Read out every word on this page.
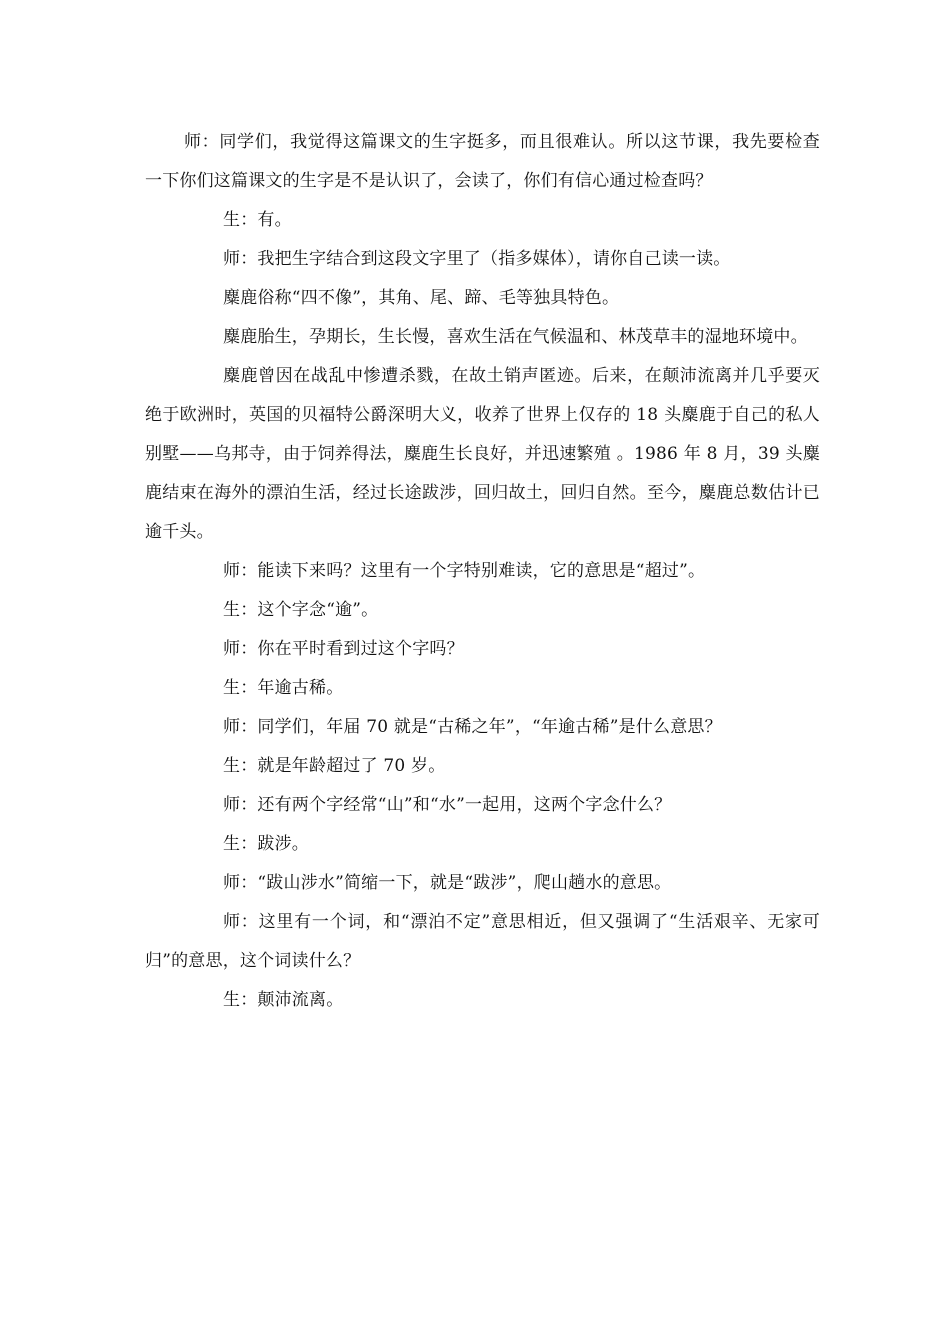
师：同学们，我觉得这篇课文的生字挺多，而且很难认。所以这节课，我先要检查一下你们这篇课文的生字是不是认识了，会读了，你们有信心通过检查吗？

生：有。

师：我把生字结合到这段文字里了（指多媒体），请你自己读一读。

麋鹿俗称“四不像”，其角、尾、蹄、毛等独具特色。

麋鹿胎生，孕期长，生长慢，喜欢生活在气候温和、林茂草丰的湿地环境中。

麋鹿曾因在战乱中惨遭杀戮，在故土销声匿迹。后来，在颠沛流离并几乎要灭绝于欧洲时，英国的贝福特公爵深明大义，收养了世界上仅存的 18 头麋鹿于自己的私人别墅——乌邦寺，由于饲养得法，麋鹿生长良好，并迅速繁殖 。1986 年 8 月，39 头麋鹿结束在海外的漂泊生活，经过长途跋涉，回归故土，回归自然。至今，麋鹿总数估计已逾千头。

师：能读下来吗？这里有一个字特别难读，它的意思是“超过”。

生：这个字念“逾”。

师：你在平时看到过这个字吗？

生：年逾古稀。

师：同学们，年届 70 就是“古稀之年”，“年逾古稀”是什么意思？

生：就是年龄超过了 70 岁。

师：还有两个字经常“山”和“水”一起用，这两个字念什么？

生：跋涉。

师：“跋山涉水”简缩一下，就是“跋涉”，爬山趟水的意思。

师：这里有一个词，和“漂泊不定”意思相近，但又强调了“生活艰辛、无家可归”的意思，这个词读什么？

生：颠沛流离。
